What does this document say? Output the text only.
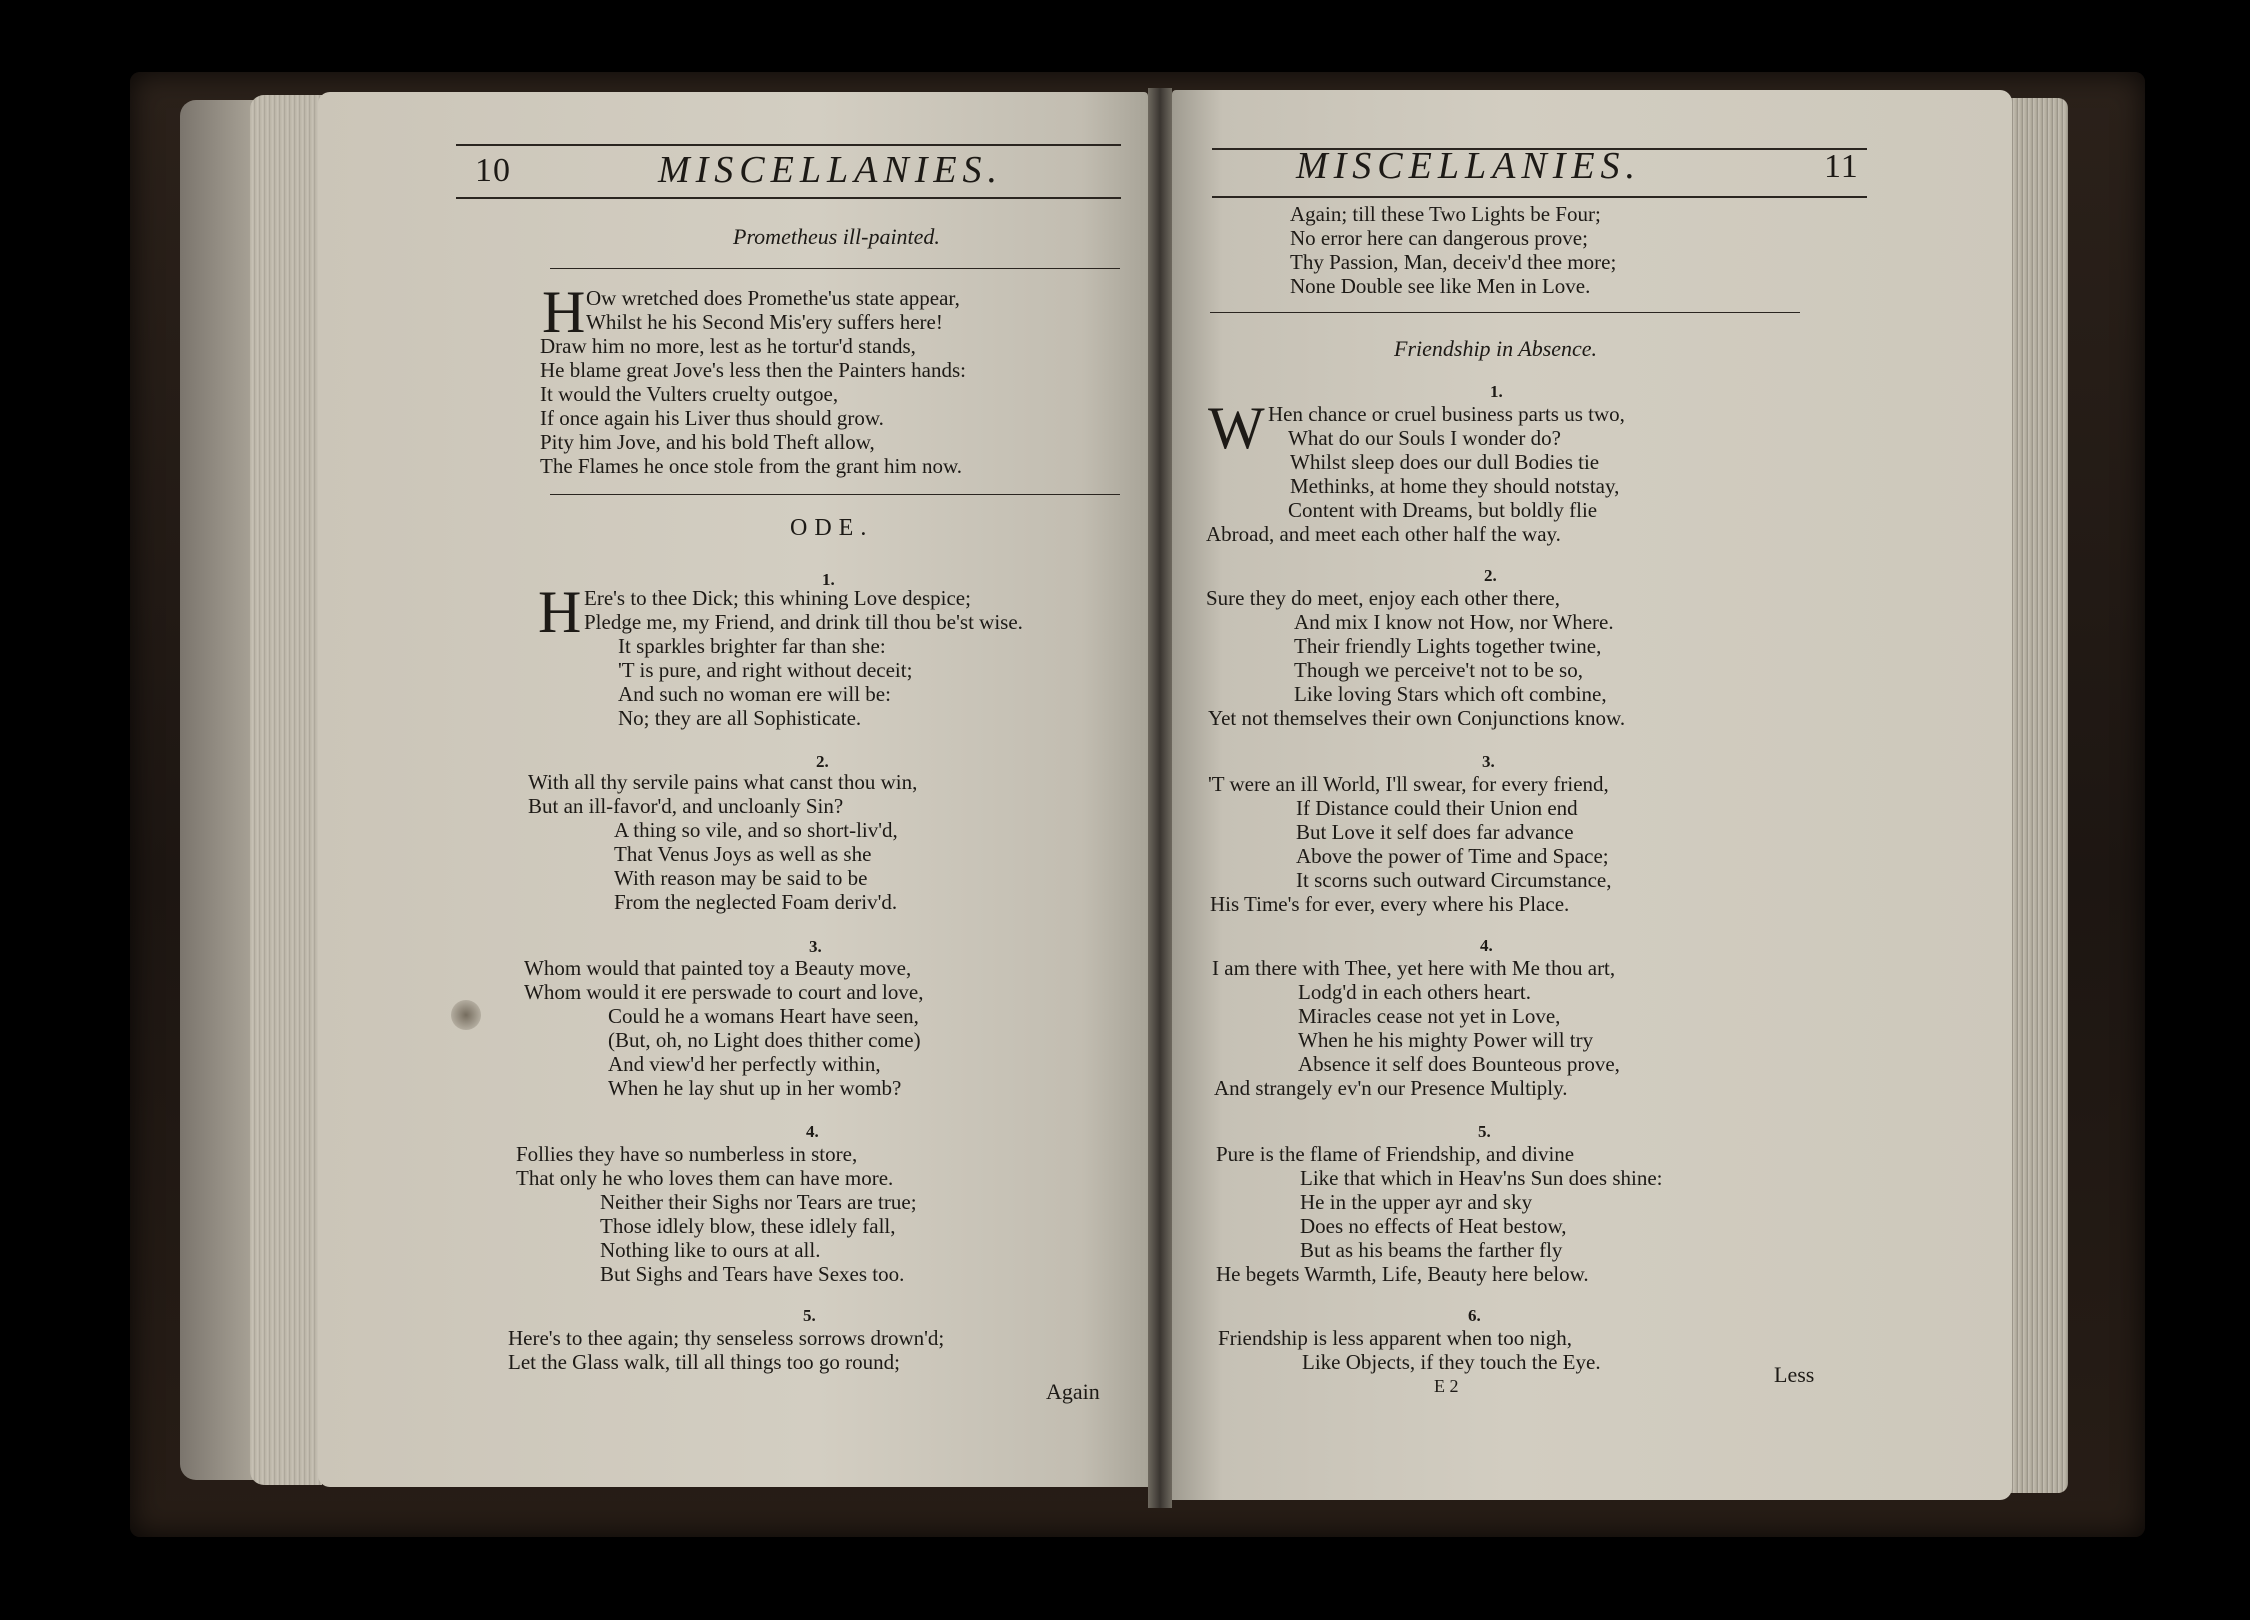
10	MISCELLANIES.
Prometheus ill-painted.
H Ow wretched does Promethe'us state appear,
Whilst he his Second Mis'ery suffers here!
Draw him no more, lest as he tortur'd stands,
He blame great Jove's less then the Painters hands:
It would the Vulters cruelty outgoe,
If once again his Liver thus should grow.
Pity him Jove, and his bold Theft allow,
The Flames he once stole from the grant him now.
ODE.
1.
H Ere's to thee Dick; this whining Love despice;
Pledge me, my Friend, and drink till thou be'st wise.
It sparkles brighter far than she:
'T is pure, and right without deceit;
And such no woman ere will be:
No; they are all Sophisticate.
2.
With all thy servile pains what canst thou win,
But an ill-favor'd, and uncloanly Sin?
A thing so vile, and so short-liv'd,
That Venus Joys as well as she
With reason may be said to be
From the neglected Foam deriv'd.
3.
Whom would that painted toy a Beauty move,
Whom would it ere perswade to court and love,
Could he a womans Heart have seen,
(But, oh, no Light does thither come)
And view'd her perfectly within,
When he lay shut up in her womb?
4.
Follies they have so numberless in store,
That only he who loves them can have more.
Neither their Sighs nor Tears are true;
Those idlely blow, these idlely fall,
Nothing like to ours at all.
But Sighs and Tears have Sexes too.
5.
Here's to thee again; thy senseless sorrows drown'd;
Let the Glass walk, till all things too go round;
Again
MISCELLANIES.	11
Again; till these Two Lights be Four;
No error here can dangerous prove;
Thy Passion, Man, deceiv'd thee more;
None Double see like Men in Love.
Friendship in Absence.
1.
W Hen chance or cruel business parts us two,
What do our Souls I wonder do?
Whilst sleep does our dull Bodies tie
Methinks, at home they should notstay,
Content with Dreams, but boldly flie
Abroad, and meet each other half the way.
2.
Sure they do meet, enjoy each other there,
And mix I know not How, nor Where.
Their friendly Lights together twine,
Though we perceive't not to be so,
Like loving Stars which oft combine,
Yet not themselves their own Conjunctions know.
3.
'T were an ill World, I'll swear, for every friend,
If Distance could their Union end
But Love it self does far advance
Above the power of Time and Space;
It scorns such outward Circumstance,
His Time's for ever, every where his Place.
4.
I am there with Thee, yet here with Me thou art,
Lodg'd in each others heart.
Miracles cease not yet in Love,
When he his mighty Power will try
Absence it self does Bounteous prove,
And strangely ev'n our Presence Multiply.
5.
Pure is the flame of Friendship, and divine
Like that which in Heav'ns Sun does shine:
He in the upper ayr and sky
Does no effects of Heat bestow,
But as his beams the farther fly
He begets Warmth, Life, Beauty here below.
6.
Friendship is less apparent when too nigh,
Like Objects, if they touch the Eye.
E 2	Less
